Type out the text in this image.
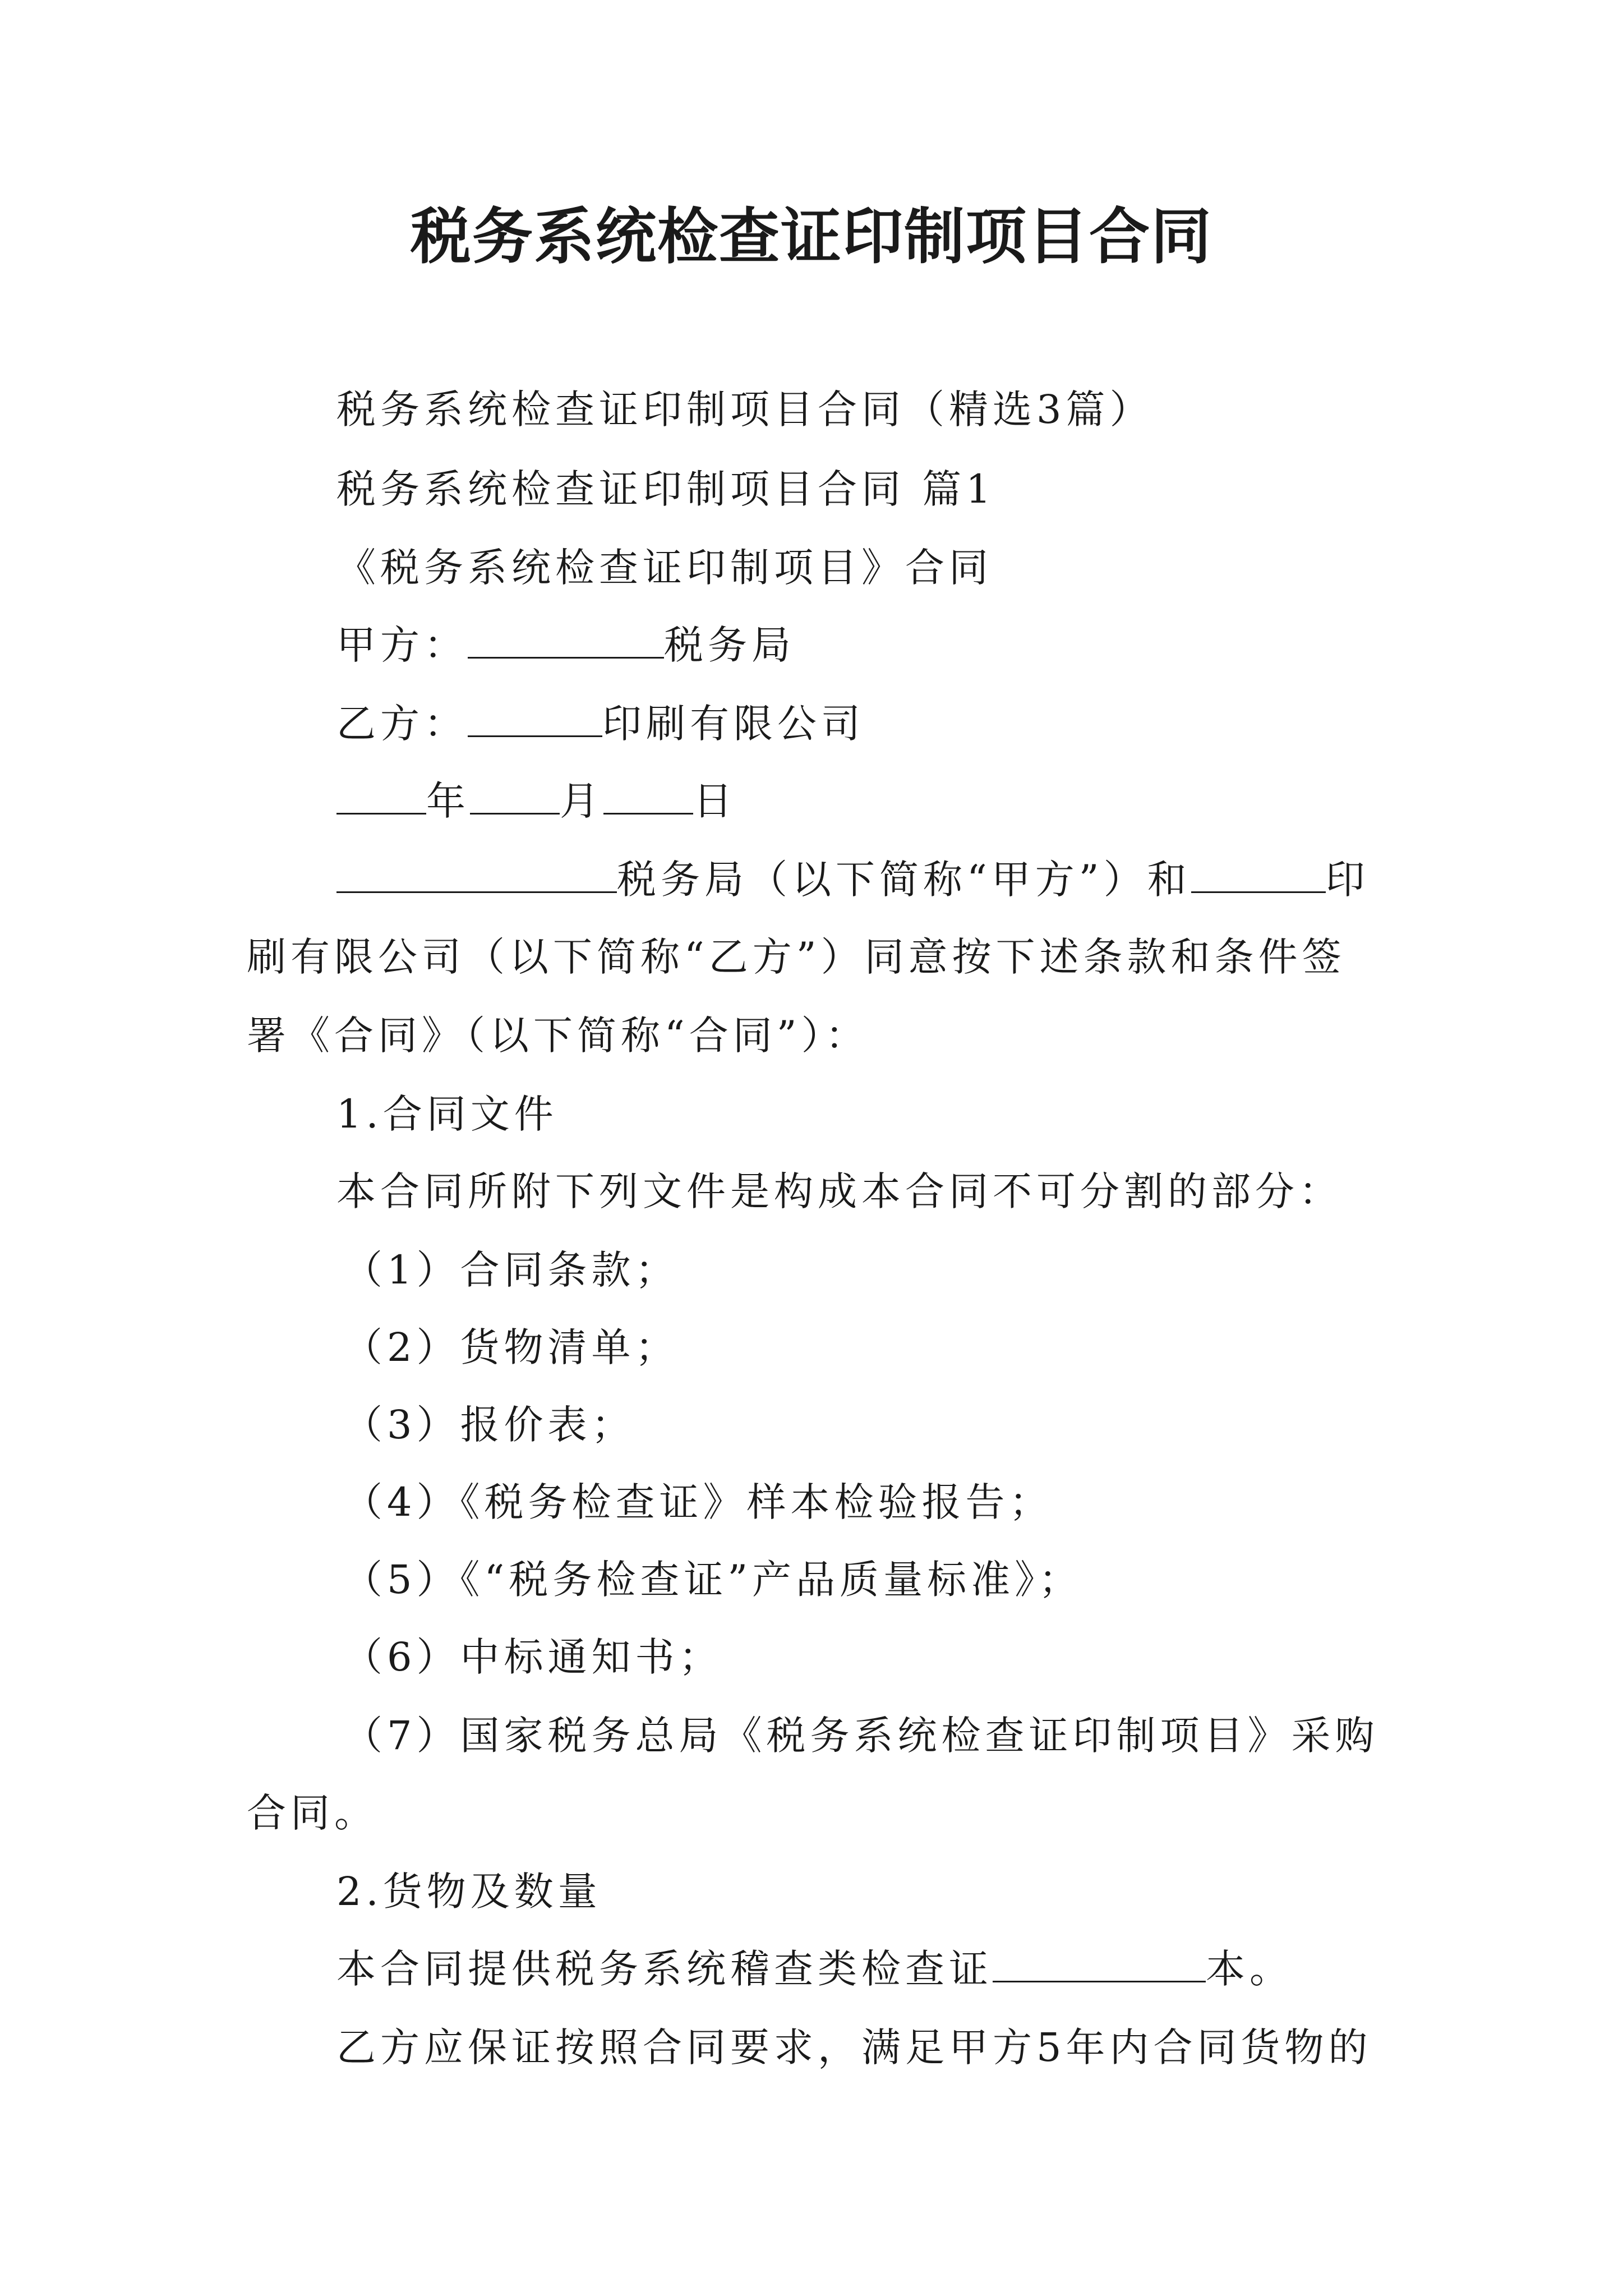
税务系统检查证印制项目合同
税务系统检查证印制项目合同（精选3篇）
税务系统检查证印制项目合同 篇1
《税务系统检查证印制项目》合同
甲方：	税务局
乙方：	印刷有限公司
年 月 日
税务局（以下简称“甲方”）和	印
刷有限公司（以下简称“乙方”）同意按下述条款和条件签
署《合同》（以下简称“合同”）：
1.合同文件
本合同所附下列文件是构成本合同不可分割的部分：
（1）合同条款；
（2）货物清单；
（3）报价表；
（4）《税务检查证》样本检验报告；
（5）《“税务检查证”产品质量标准》；
（6）中标通知书；
（7）国家税务总局《税务系统检查证印制项目》采购
合同。
2.货物及数量
本合同提供税务系统稽查类检查证	本。
乙方应保证按照合同要求，满足甲方5年内合同货物的
